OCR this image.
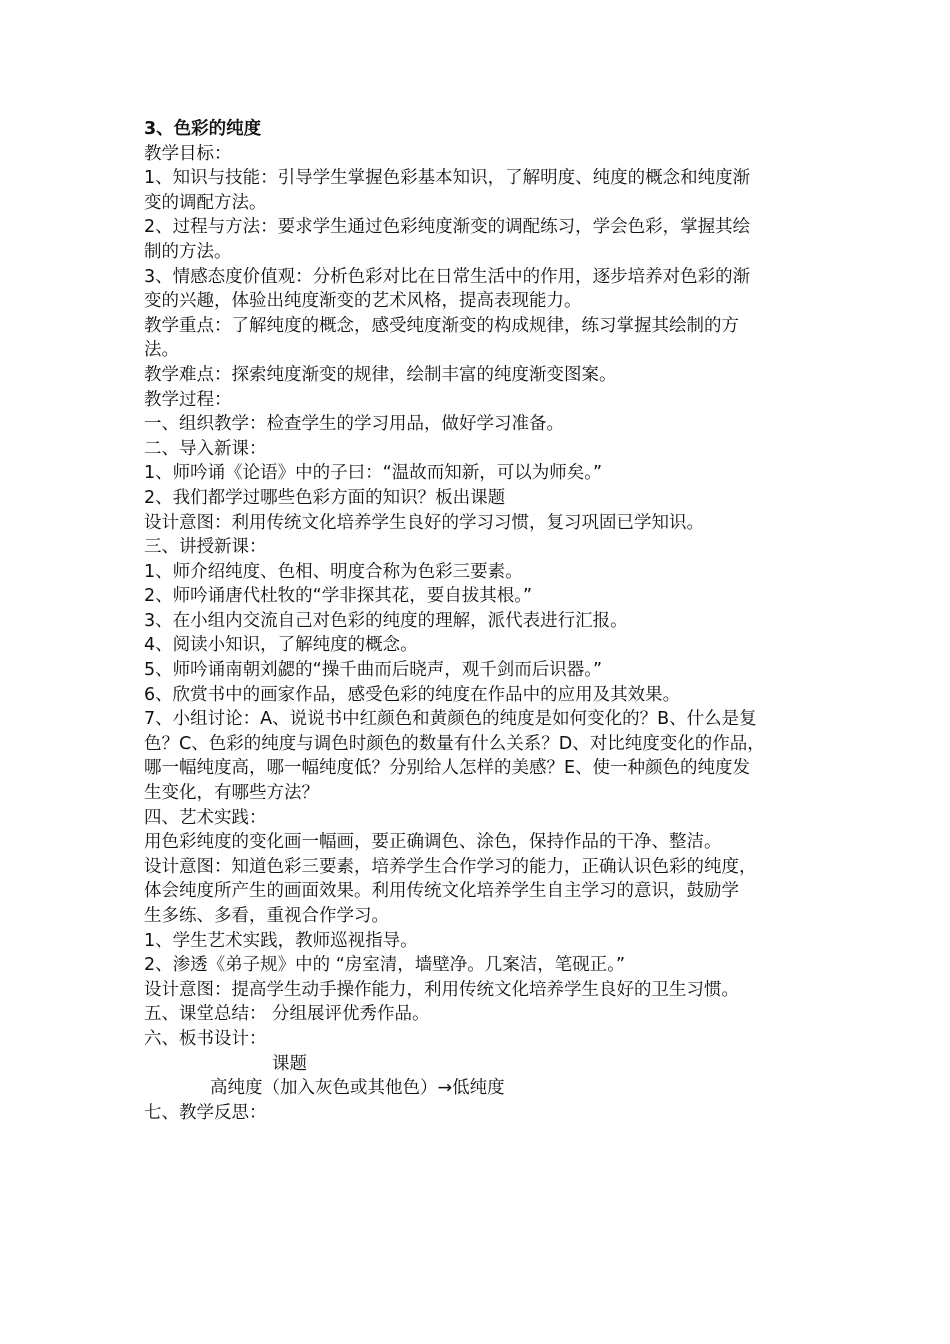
3、色彩的纯度

教学目标：

1、知识与技能：引导学生掌握色彩基本知识，了解明度、纯度的概念和纯度渐

变的调配方法。

2、过程与方法：要求学生通过色彩纯度渐变的调配练习，学会色彩，掌握其绘

制的方法。

3、情感态度价值观：分析色彩对比在日常生活中的作用，逐步培养对色彩的渐

变的兴趣，体验出纯度渐变的艺术风格，提高表现能力。

教学重点：了解纯度的概念，感受纯度渐变的构成规律，练习掌握其绘制的方

法。

教学难点：探索纯度渐变的规律，绘制丰富的纯度渐变图案。

教学过程：

一、组织教学：检查学生的学习用品，做好学习准备。

二、导入新课：

1、师吟诵《论语》中的子曰：“温故而知新，可以为师矣。”

2、我们都学过哪些色彩方面的知识？板出课题

设计意图：利用传统文化培养学生良好的学习习惯，复习巩固已学知识。

三、讲授新课：

1、师介绍纯度、色相、明度合称为色彩三要素。

2、师吟诵唐代杜牧的“学非探其花，要自拔其根。”

3、在小组内交流自己对色彩的纯度的理解，派代表进行汇报。

4、阅读小知识，了解纯度的概念。

5、师吟诵南朝刘勰的“操千曲而后晓声，观千剑而后识器。”

6、欣赏书中的画家作品，感受色彩的纯度在作品中的应用及其效果。

7、小组讨论：A、说说书中红颜色和黄颜色的纯度是如何变化的？B、什么是复

色？C、色彩的纯度与调色时颜色的数量有什么关系？D、对比纯度变化的作品，

哪一幅纯度高，哪一幅纯度低？分别给人怎样的美感？E、使一种颜色的纯度发

生变化，有哪些方法？

四、艺术实践：

用色彩纯度的变化画一幅画，要正确调色、涂色，保持作品的干净、整洁。

设计意图：知道色彩三要素，培养学生合作学习的能力，正确认识色彩的纯度，

体会纯度所产生的画面效果。利用传统文化培养学生自主学习的意识，鼓励学

生多练、多看，重视合作学习。

1、学生艺术实践，教师巡视指导。

2、渗透《弟子规》中的 “房室清，墙壁净。几案洁，笔砚正。”

设计意图：提高学生动手操作能力，利用传统文化培养学生良好的卫生习惯。

五、课堂总结： 分组展评优秀作品。

六、板书设计：

课题

高纯度（加入灰色或其他色）→低纯度

七、教学反思：
